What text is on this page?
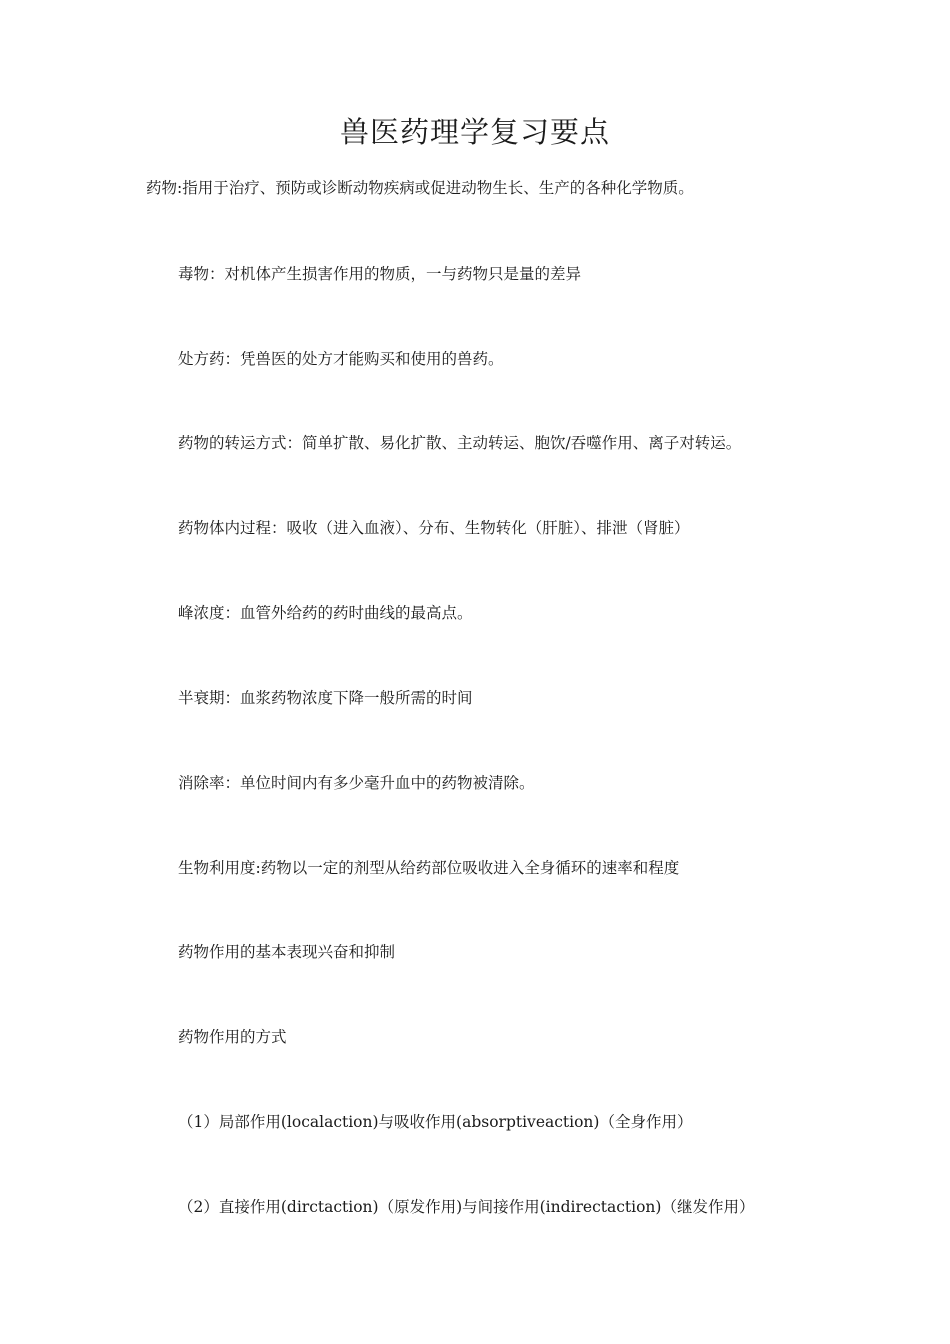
兽医药理学复习要点
药物:指用于治疗、预防或诊断动物疾病或促进动物生长、生产的各种化学物质。
毒物：对机体产生损害作用的物质，一与药物只是量的差异
处方药：凭兽医的处方才能购买和使用的兽药。
药物的转运方式：简单扩散、易化扩散、主动转运、胞饮/吞噬作用、离子对转运。
药物体内过程：吸收（进入血液）、分布、生物转化（肝脏）、排泄（肾脏）
峰浓度：血管外给药的药时曲线的最高点。
半衰期：血浆药物浓度下降一般所需的时间
消除率：单位时间内有多少毫升血中的药物被清除。
生物利用度:药物以一定的剂型从给药部位吸收进入全身循环的速率和程度
药物作用的基本表现兴奋和抑制
药物作用的方式
（1）局部作用(localaction)与吸收作用(absorptiveaction)（全身作用）
（2）直接作用(dirctaction)（原发作用)与间接作用(indirectaction)（继发作用）
